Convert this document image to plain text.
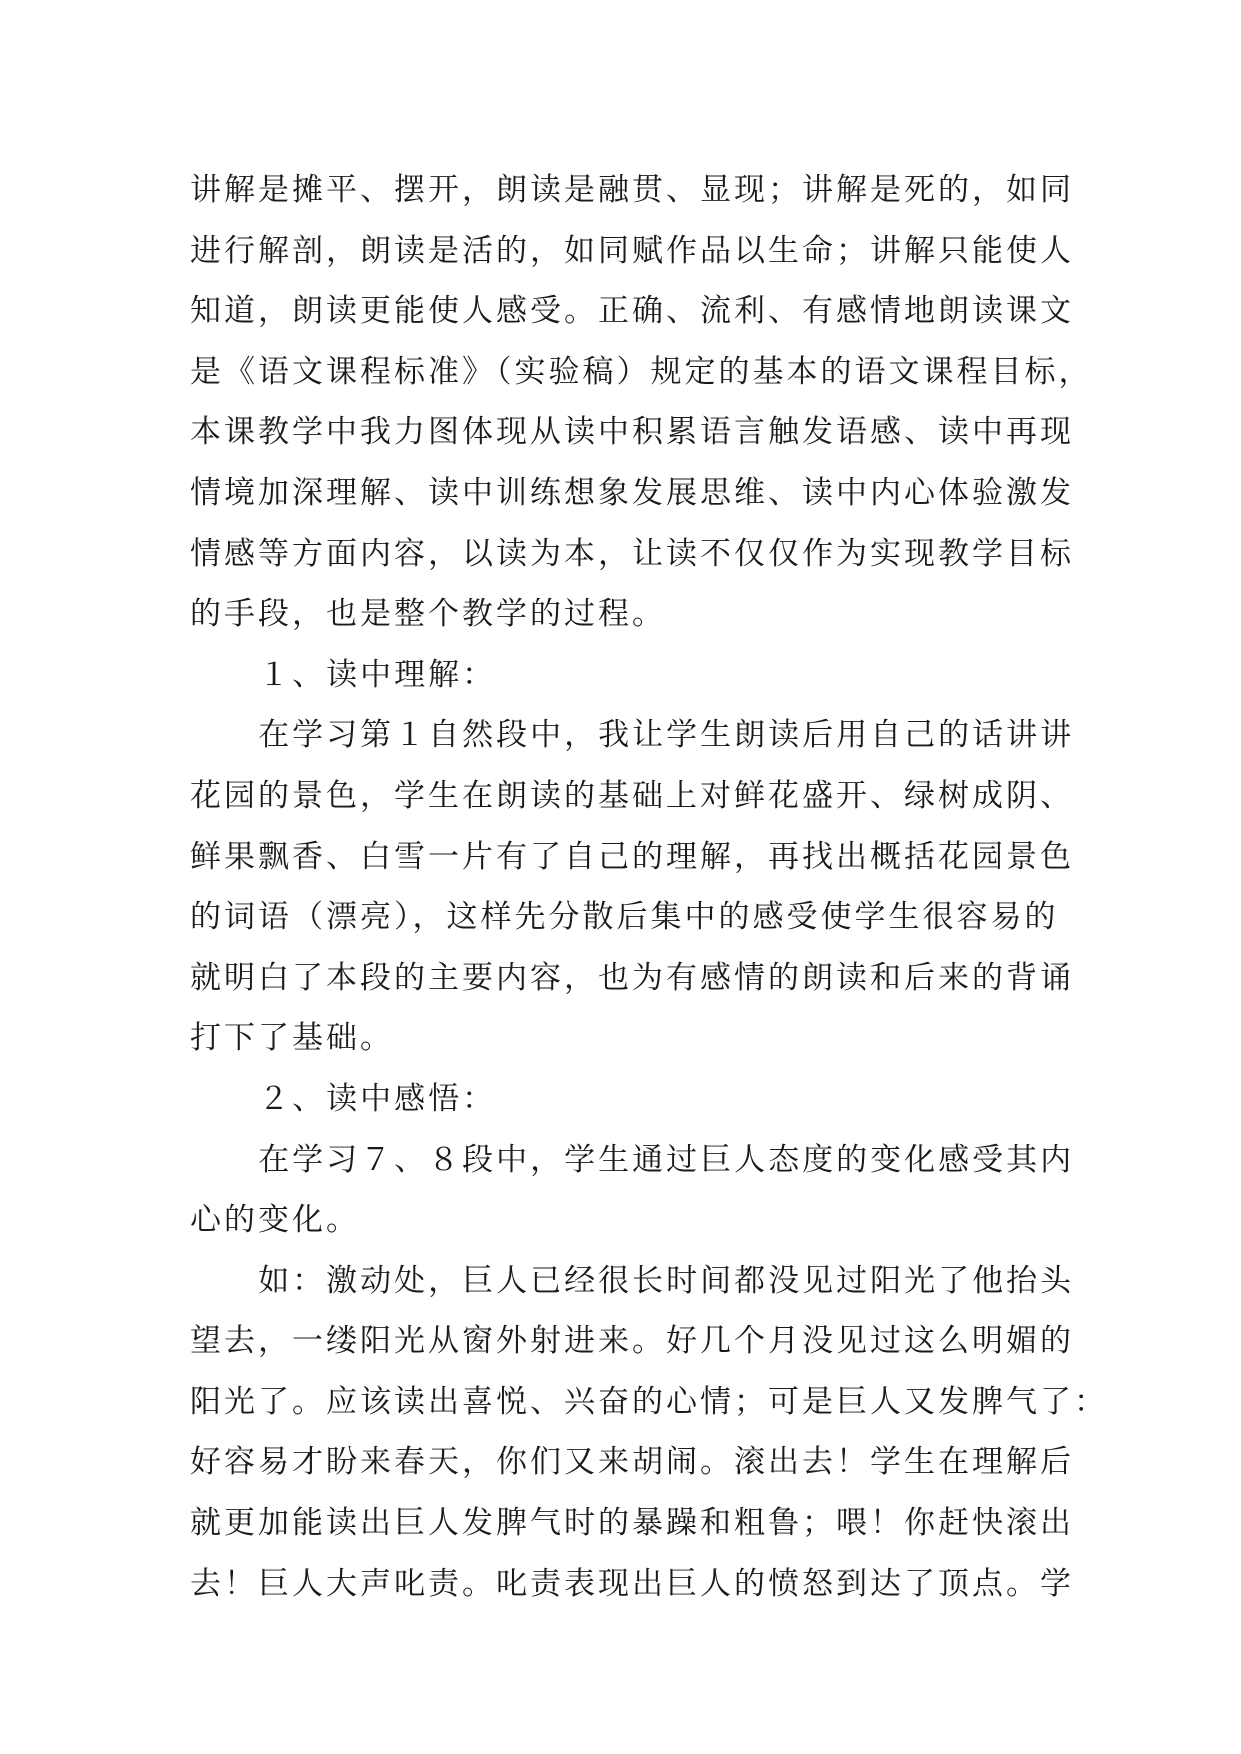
讲解是摊平、摆开，朗读是融贯、显现；讲解是死的，如同
进行解剖，朗读是活的，如同赋作品以生命；讲解只能使人
知道，朗读更能使人感受。正确、流利、有感情地朗读课文
是《语文课程标准》（实验稿）规定的基本的语文课程目标，
本课教学中我力图体现从读中积累语言触发语感、读中再现
情境加深理解、读中训练想象发展思维、读中内心体验激发
情感等方面内容，以读为本，让读不仅仅作为实现教学目标
的手段，也是整个教学的过程。
１、读中理解：
在学习第１自然段中，我让学生朗读后用自己的话讲讲
花园的景色，学生在朗读的基础上对鲜花盛开、绿树成阴、
鲜果飘香、白雪一片有了自己的理解，再找出概括花园景色
的词语（漂亮），这样先分散后集中的感受使学生很容易的
就明白了本段的主要内容，也为有感情的朗读和后来的背诵
打下了基础。
２、读中感悟：
在学习７、８段中，学生通过巨人态度的变化感受其内
心的变化。
如：激动处，巨人已经很长时间都没见过阳光了他抬头
望去，一缕阳光从窗外射进来。好几个月没见过这么明媚的
阳光了。应该读出喜悦、兴奋的心情；可是巨人又发脾气了：
好容易才盼来春天，你们又来胡闹。滚出去！学生在理解后
就更加能读出巨人发脾气时的暴躁和粗鲁；喂！你赶快滚出
去！巨人大声叱责。叱责表现出巨人的愤怒到达了顶点。学
